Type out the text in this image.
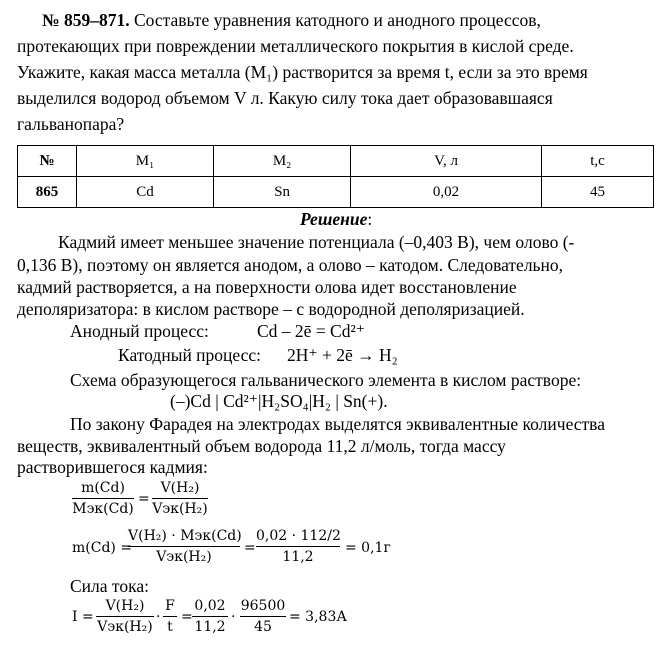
№ 859–871. Составьте уравнения катодного и анодного процессов,
протекающих при повреждении металлического покрытия в кислой среде.
Укажите, какая масса металла (M₁) растворится за время t, если за это время
выделился водород объемом V л. Какую силу тока дает образовавшаяся
гальванопара?
№	M₁	M₂	V, л	t,c
865	Cd	Sn	0,02	45
Решение:
Кадмий имеет меньшее значение потенциала (–0,403 В), чем олово (-
0,136 В), поэтому он является анодом, а олово – катодом. Следовательно,
кадмий растворяется, а на поверхности олова идет восстановление
деполяризатора: в кислом растворе – с водородной деполяризацией.
Анодный процесс:	Cd – 2ē = Cd²⁺
Катодный процесс: 2H⁺ + 2ē → H₂
Схема образующегося гальванического элемента в кислом растворе:
(–)Cd | Cd²⁺|H₂SO₄|H₂ | Sn(+).
По закону Фарадея на электродах выделятся эквивалентные количества
веществ, эквивалентный объем водорода 11,2 л/моль, тогда массу
растворившегося кадмия:
m(Cd)
Mэк(Cd)
=
V(H₂)
Vэк(H₂)
m(Cd) =
V(H₂) · Mэк(Cd)
Vэк(H₂)
=
0,02 · 112/2
11,2
= 0,1г
Сила тока:
I =
V(H₂)
Vэк(H₂)
·
F
t
=
0,02
11,2
·
96500
45
= 3,83А
